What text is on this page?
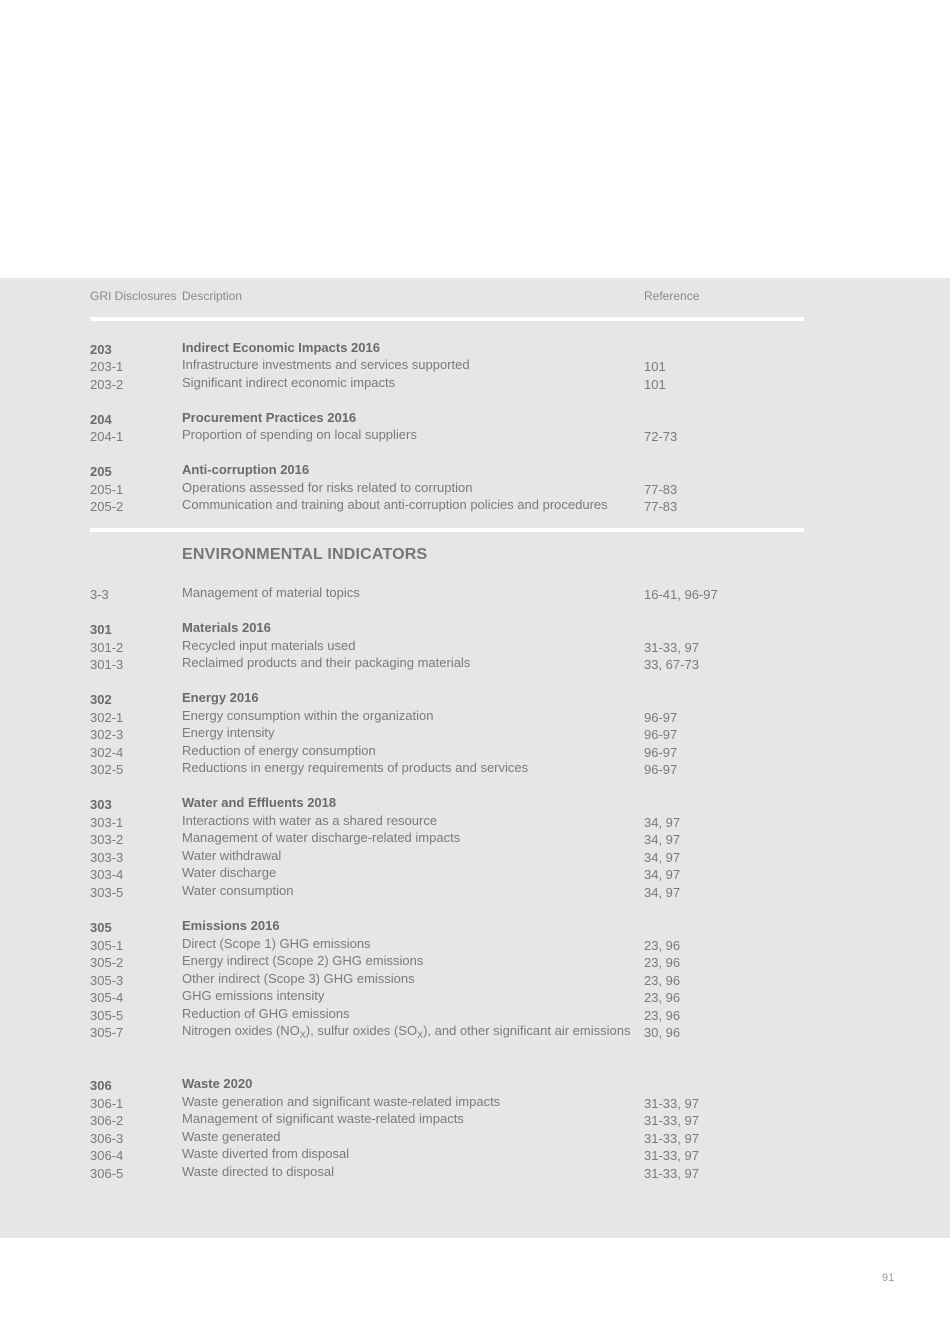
GRI Disclosures Description	Reference
ENVIRONMENTAL INDICATORS
203	Indirect Economic Impacts 2016
203-1	Infrastructure investments and services supported	101
203-2	Significant indirect economic impacts	101
204	Procurement Practices 2016
204-1	Proportion of spending on local suppliers	72-73
205	Anti-corruption 2016
205-1	Operations assessed for risks related to corruption	77-83
205-2	Communication and training about anti-corruption policies and procedures	77-83
3-3	Management of material topics	16-41, 96-97
301	Materials 2016
301-2	Recycled input materials used	31-33, 97
301-3	Reclaimed products and their packaging materials	33, 67-73
302	Energy 2016
302-1	Energy consumption within the organization	96-97
302-3	Energy intensity	96-97
302-4	Reduction of energy consumption	96-97
302-5	Reductions in energy requirements of products and services	96-97
303	Water and Effluents 2018
303-1	Interactions with water as a shared resource	34, 97
303-2	Management of water discharge-related impacts	34, 97
303-3	Water withdrawal	34, 97
303-4	Water discharge	34, 97
303-5	Water consumption	34, 97
305	Emissions 2016
305-1	Direct (Scope 1) GHG emissions	23, 96
305-2	Energy indirect (Scope 2) GHG emissions	23, 96
305-3	Other indirect (Scope 3) GHG emissions	23, 96
305-4	GHG emissions intensity	23, 96
305-5	Reduction of GHG emissions	23, 96
305-7	Nitrogen oxides $(NO_X)$, sulfur oxides $(SO_X)$, and other significant air emissions 30, 96
306	Waste 2020
306-1	Waste generation and significant waste-related impacts	31-33, 97
306-2	Management of significant waste-related impacts	31-33, 97
306-3	Waste generated	31-33, 97
306-4	Waste diverted from disposal	31-33, 97
306-5	Waste directed to disposal	31-33, 97
91
